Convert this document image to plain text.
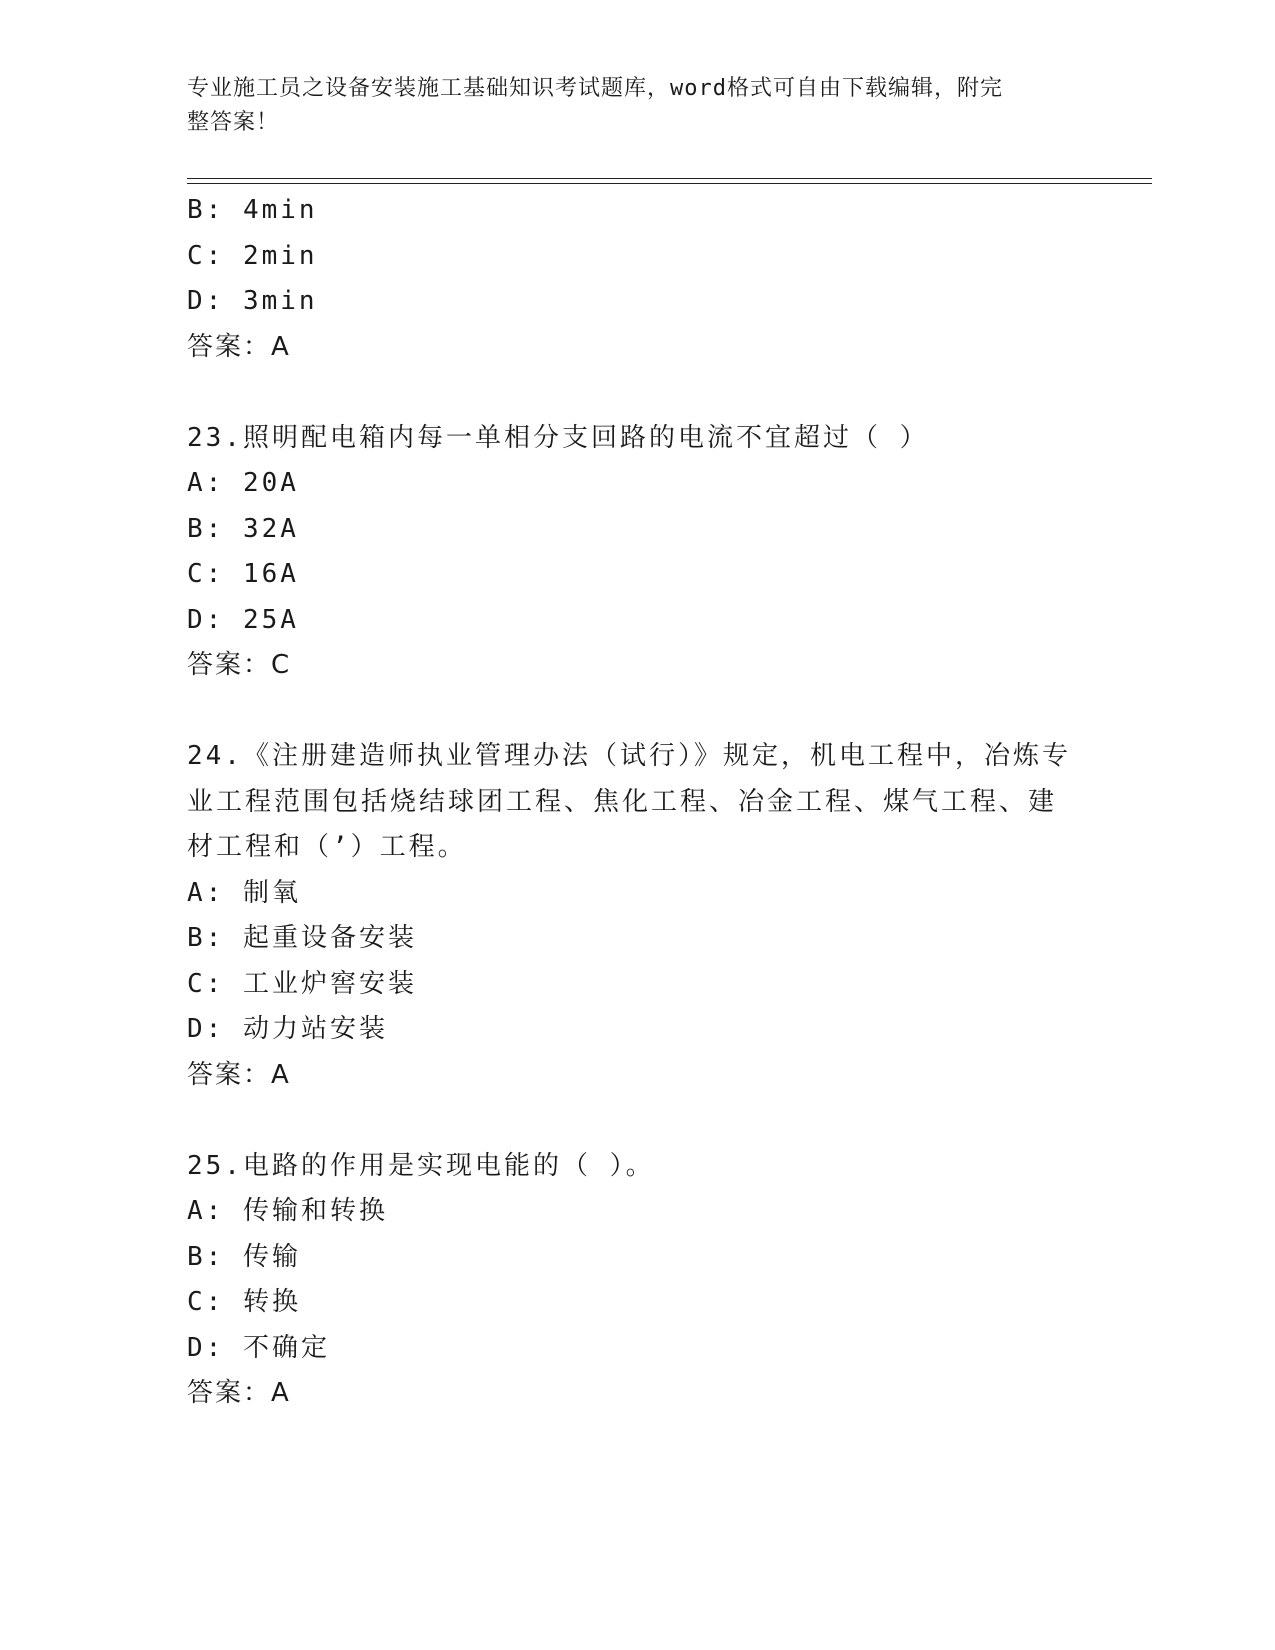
专业施工员之设备安装施工基础知识考试题库，word格式可自由下载编辑，附完
整答案！
B: 4min
C: 2min
D: 3min
答案：A
23.照明配电箱内每一单相分支回路的电流不宜超过（ ）
A: 20A
B: 32A
C: 16A
D: 25A
答案：C
24.《注册建造师执业管理办法（试行）》规定，机电工程中，冶炼专
业工程范围包括烧结球团工程、焦化工程、冶金工程、煤气工程、建
材工程和（’）工程。
A: 制氧
B: 起重设备安装
C: 工业炉窖安装
D: 动力站安装
答案：A
25.电路的作用是实现电能的（ ）。
A: 传输和转换
B: 传输
C: 转换
D: 不确定
答案：A
